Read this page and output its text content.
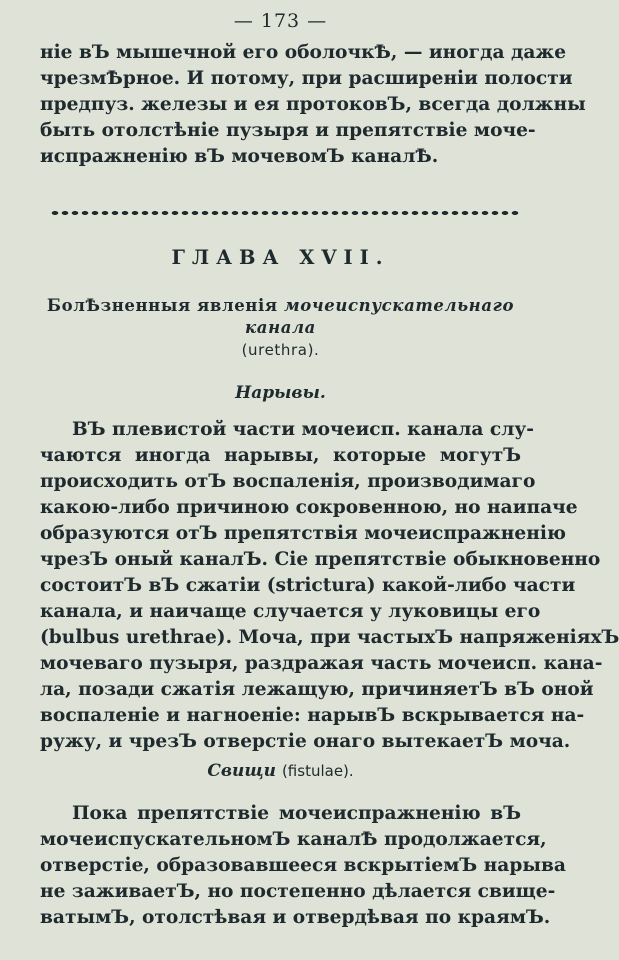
— 173 —

ніе вЪ мышечной его оболочкѢ, — иногда даже
чрезмѢрное. И потому, при расширеніи полости
предпуз. железы и ея протоковЪ, всегда должны
быть отолстѣніе пузыря и препятствіе моче-
испражненію вЪ мочевомЪ каналѢ.

ГЛАВА XVII.
БолѢзненныя явленія мочеиспускательнаго канала
(urethra).
Нарывы.

ВЪ плевистой части мочеисп. канала слу-
чаются иногда нарывы, которые могутЪ
происходить отЪ воспаленія, производимаго
какою-либо причиною сокровенною, но наипаче
образуются отЪ препятствія мочеиспражненію
чрезЪ оный каналЪ. Сіе препятствіе обыкновенно
состоитЪ вЪ сжатіи (strictura) какой-либо части
канала, и наичаще случается у луковицы его
(bulbus urethrae). Моча, при частыхЪ напряженіяхЪ
мочеваго пузыря, раздражая часть мочеисп. кана-
ла, позади сжатія лежащую, причиняетЪ вЪ оной
воспаленіе и нагноеніе: нарывЪ вскрывается на-
ружу, и чрезЪ отверстіе онаго вытекаетЪ моча.

Свищи (fistulae).

Пока препятствіе мочеиспражненію вЪ
мочеиспускательномЪ каналѢ продолжается,
отверстіе, образовавшееся вскрытіемЪ нарыва
не заживаетЪ, но постепенно дѣлается свище-
ватымЪ, отолстѣвая и отвердѣвая по краямЪ.
